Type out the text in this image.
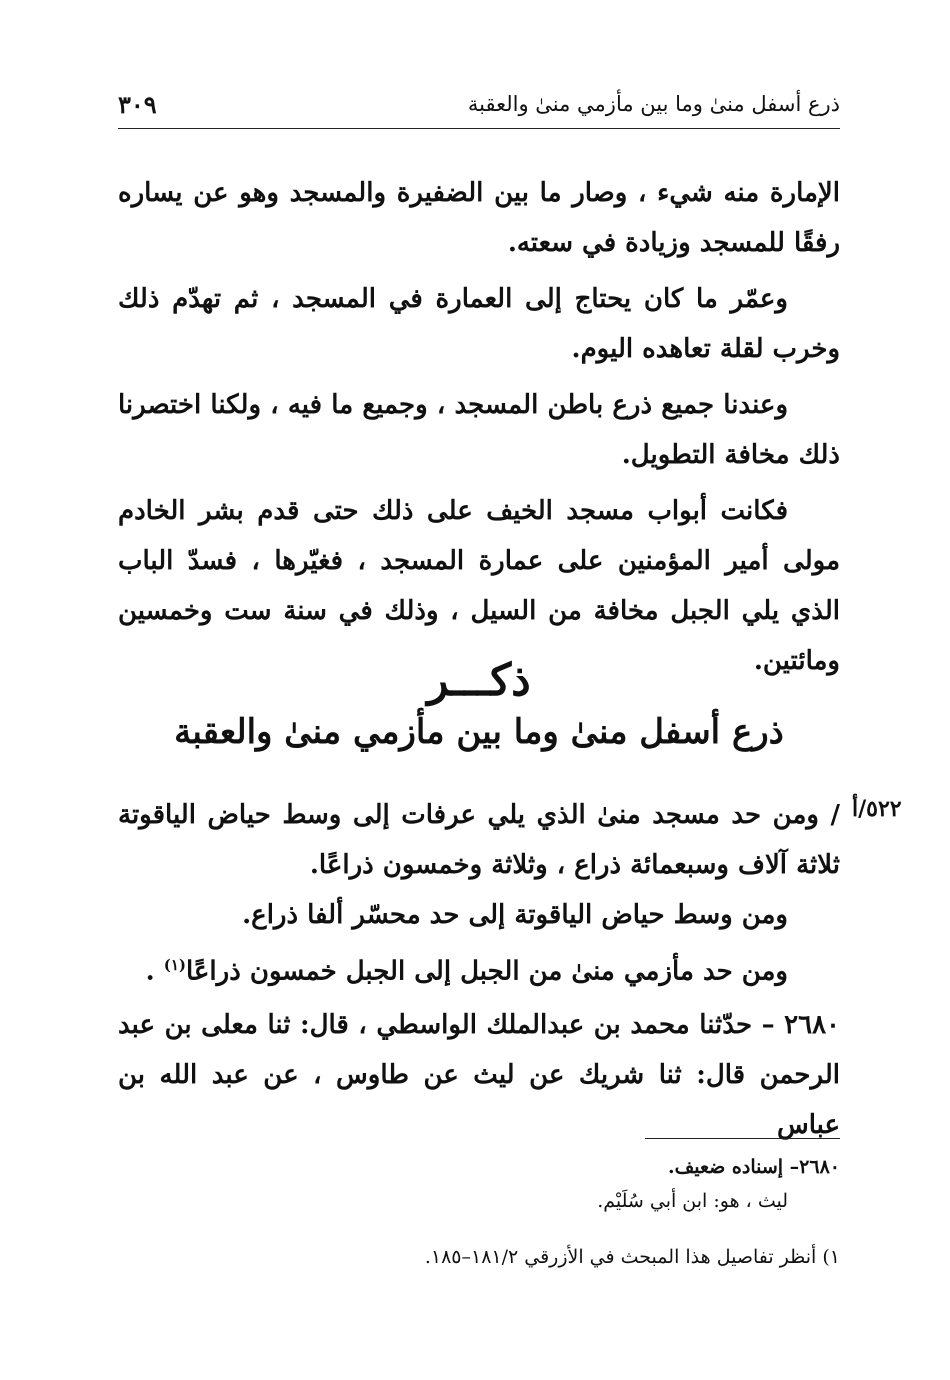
ذرع أسفل منىٰ وما بين مأزمي منىٰ والعقبة
٣٠٩

الإمارة منه شيء ، وصار ما بين الضفيرة والمسجد وهو عن يساره رفقًا للمسجد وزيادة في سعته.

وعمّر ما كان يحتاج إلى العمارة في المسجد ، ثم تهدّم ذلك وخرب لقلة تعاهده اليوم.

وعندنا جميع ذرع باطن المسجد ، وجميع ما فيه ، ولكنا اختصرنا ذلك مخافة التطويل.

فكانت أبواب مسجد الخيف على ذلك حتى قدم بشر الخادم مولى أمير المؤمنين على عمارة المسجد ، فغيّرها ، فسدّ الباب الذي يلي الجبل مخافة من السيل ، وذلك في سنة ست وخمسين ومائتين.

ذكـــر
ذرع أسفل منىٰ وما بين مأزمي منىٰ والعقبة
٥٢٢/أ

/ ومن حد مسجد منىٰ الذي يلي عرفات إلى وسط حياض الياقوتة ثلاثة آلاف وسبعمائة ذراع ، وثلاثة وخمسون ذراعًا.

ومن وسط حياض الياقوتة إلى حد محسّر ألفا ذراع.

ومن حد مأزمي منىٰ من الجبل إلى الجبل خمسون ذراعًا$^{(١)}$ .

٢٦٨٠ – حدّثنا محمد بن عبدالملك الواسطي ، قال: ثنا معلى بن عبد الرحمن قال: ثنا شريك عن ليث عن طاوس ، عن عبد الله بن عباس

٢٦٨٠– إسناده ضعيف.

ليث ، هو: ابن أبي سُلَيْم.

١) أنظر تفاصيل هذا المبحث في الأزرقي ١٨١/٢–١٨٥.
